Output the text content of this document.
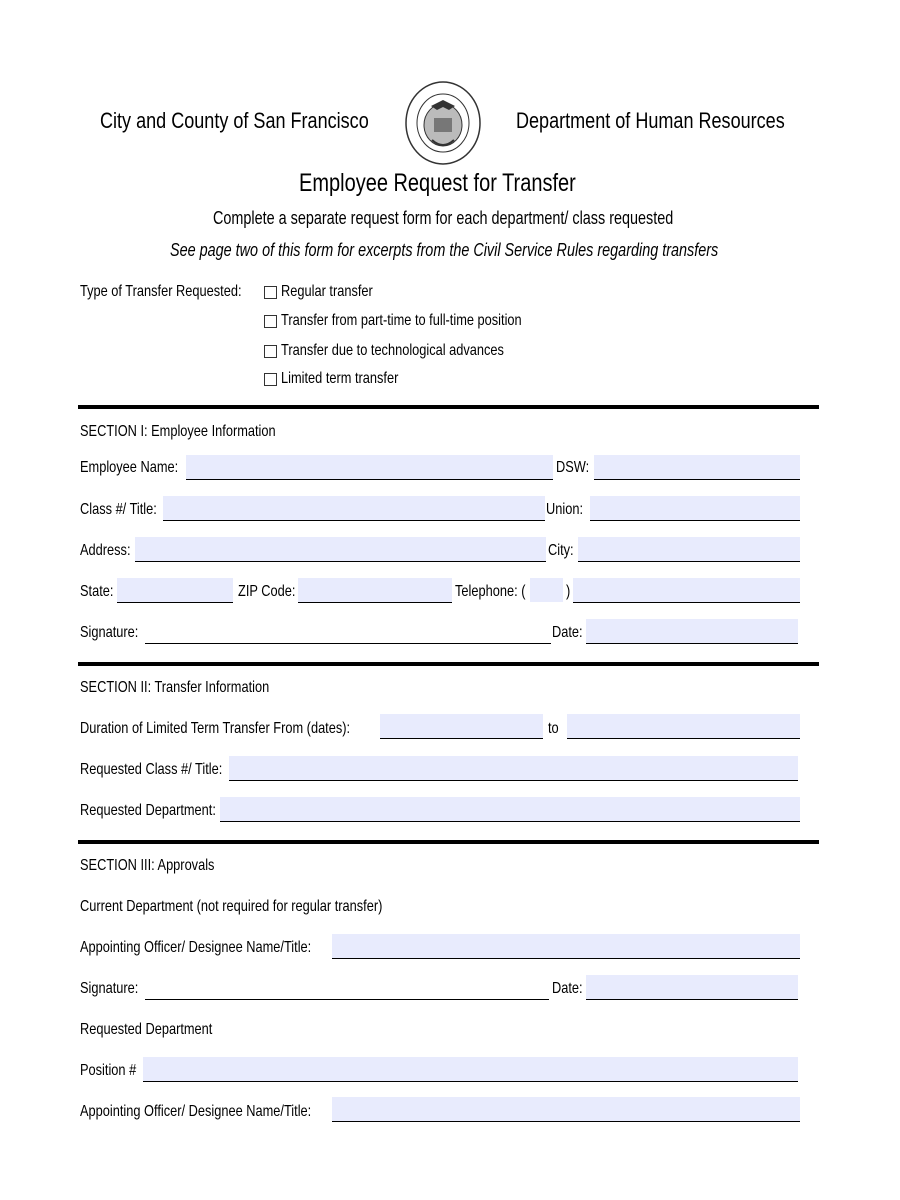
City and County of San Francisco	Department of Human Resources
Employee Request for Transfer
Complete a separate request form for each department/ class requested
See page two of this form for excerpts from the Civil Service Rules regarding transfers
Type of Transfer Requested: Regular transfer
Transfer from part-time to full-time position
Transfer due to technological advances
Limited term transfer
SECTION I: Employee Information
Employee Name:	DSW:
Class #/ Title:	Union:
Address:	City:
State:	ZIP Code:	Telephone: (	)
Signature:	Date:
SECTION II: Transfer Information
Duration of Limited Term Transfer From (dates):	to
Requested Class #/ Title:
Requested Department:
SECTION III: Approvals
Current Department (not required for regular transfer)
Appointing Officer/ Designee Name/Title:
Signature:	Date:
Requested Department
Position #
Appointing Officer/ Designee Name/Title:
